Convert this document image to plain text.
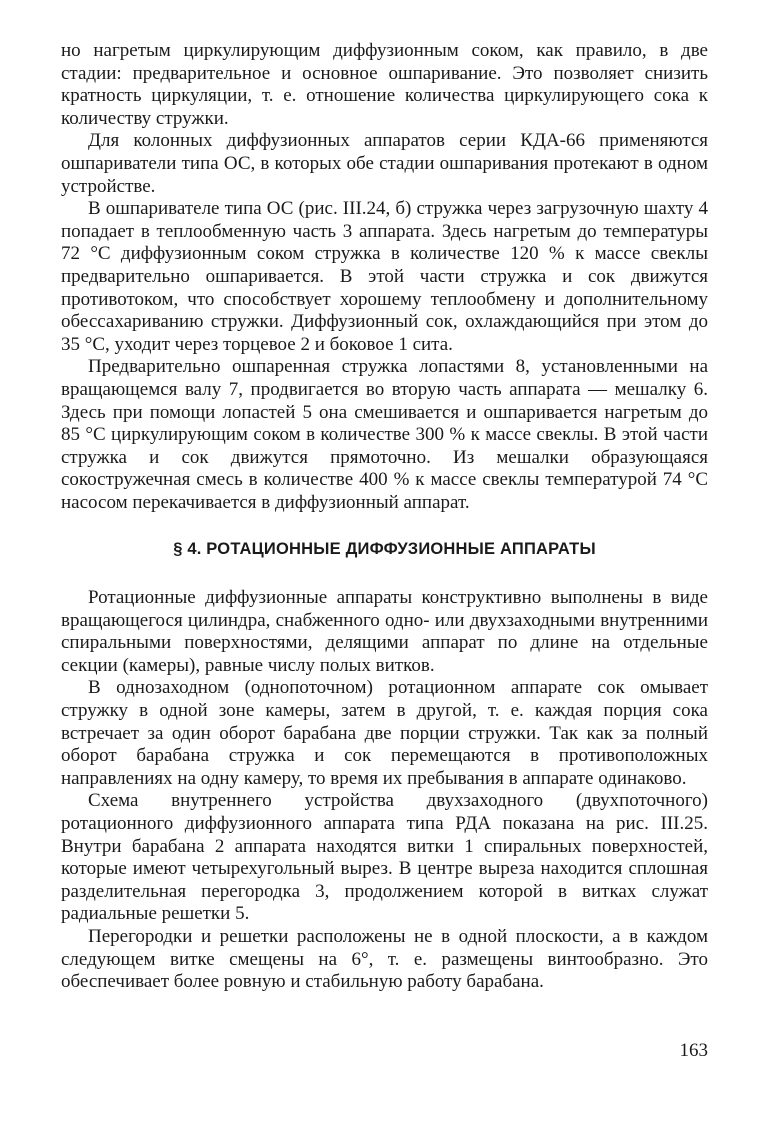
но нагретым циркулирующим диффузионным соком, как правило, в две стадии: предварительное и основное ошпаривание. Это позволяет снизить кратность циркуляции, т. е. отношение количества циркулирующего сока к количеству стружки.

Для колонных диффузионных аппаратов серии КДА-66 применяются ошпариватели типа ОС, в которых обе стадии ошпаривания протекают в одном устройстве.

В ошпаривателе типа ОС (рис. III.24, б) стружка через загрузочную шахту 4 попадает в теплообменную часть 3 аппарата. Здесь нагретым до температуры 72 °С диффузионным соком стружка в количестве 120 % к массе свеклы предварительно ошпаривается. В этой части стружка и сок движутся противотоком, что способствует хорошему теплообмену и дополнительному обессахариванию стружки. Диффузионный сок, охлаждающийся при этом до 35 °С, уходит через торцевое 2 и боковое 1 сита.

Предварительно ошпаренная стружка лопастями 8, установленными на вращающемся валу 7, продвигается во вторую часть аппарата — мешалку 6. Здесь при помощи лопастей 5 она смешивается и ошпаривается нагретым до 85 °С циркулирующим соком в количестве 300 % к массе свеклы. В этой части стружка и сок движутся прямоточно. Из мешалки образующаяся сокостружечная смесь в количестве 400 % к массе свеклы температурой 74 °С насосом перекачивается в диффузионный аппарат.

§ 4. РОТАЦИОННЫЕ ДИФФУЗИОННЫЕ АППАРАТЫ

Ротационные диффузионные аппараты конструктивно выполнены в виде вращающегося цилиндра, снабженного одно- или двухзаходными внутренними спиральными поверхностями, делящими аппарат по длине на отдельные секции (камеры), равные числу полых витков.

В однозаходном (однопоточном) ротационном аппарате сок омывает стружку в одной зоне камеры, затем в другой, т. е. каждая порция сока встречает за один оборот барабана две порции стружки. Так как за полный оборот барабана стружка и сок перемещаются в противоположных направлениях на одну камеру, то время их пребывания в аппарате одинаково.

Схема внутреннего устройства двухзаходного (двухпоточного) ротационного диффузионного аппарата типа РДА показана на рис. III.25. Внутри барабана 2 аппарата находятся витки 1 спиральных поверхностей, которые имеют четырехугольный вырез. В центре выреза находится сплошная разделительная перегородка 3, продолжением которой в витках служат радиальные решетки 5.

Перегородки и решетки расположены не в одной плоскости, а в каждом следующем витке смещены на 6°, т. е. размещены винтообразно. Это обеспечивает более ровную и стабильную работу барабана.

163
